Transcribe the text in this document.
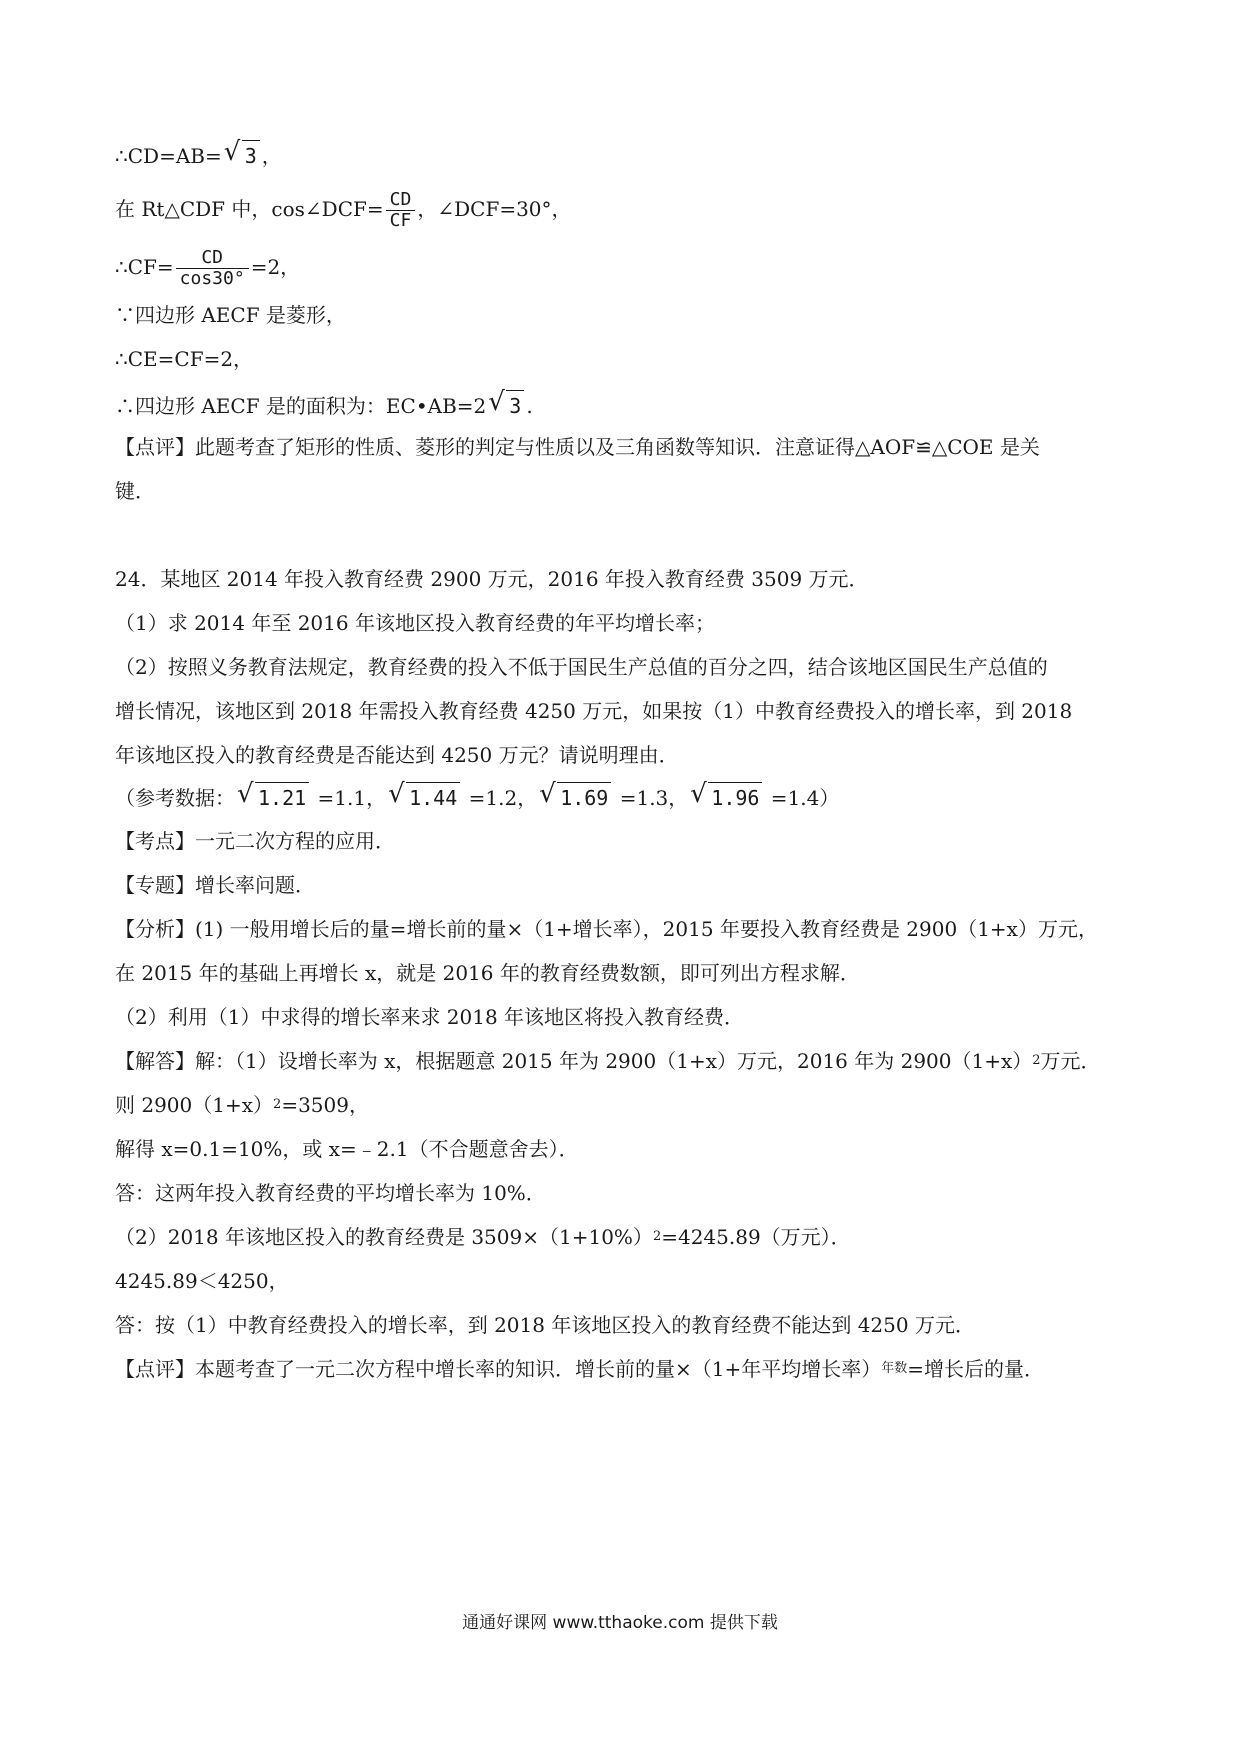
∴CD=AB= √ 3 ，
在 Rt△CDF 中，cos∠DCF= $\frac{CD}{CF}$ ，∠DCF=30°，
∴CF= $\frac{CD}{\cos 30^\circ} =2$，
∵四边形 AECF 是菱形，
∴CE=CF=2，
∴四边形 AECF 是的面积为：EC•AB=2 √ 3 .
【点评】此题考查了矩形的性质、菱形的判定与性质以及三角函数等知识．注意证得△AOF≌△COE 是关
键．
24．某地区 2014 年投入教育经费 2900 万元，2016 年投入教育经费 3509 万元．
（1）求 2014 年至 2016 年该地区投入教育经费的年平均增长率；
（2）按照义务教育法规定，教育经费的投入不低于国民生产总值的百分之四，结合该地区国民生产总值的
增长情况，该地区到 2018 年需投入教育经费 4250 万元，如果按（1）中教育经费投入的增长率，到 2018
年该地区投入的教育经费是否能达到 4250 万元？请说明理由．
（参考数据： √ 1.21 =1.1， √ 1.44 =1.2， √ 1.69 =1.3， √ 1.96 =1.4）
【考点】一元二次方程的应用．
【专题】增长率问题．
【分析】(1) 一般用增长后的量=增长前的量×（1+增长率），2015 年要投入教育经费是 2900（1+x）万元，
在 2015 年的基础上再增长 x，就是 2016 年的教育经费数额，即可列出方程求解．
（2）利用（1）中求得的增长率来求 2018 年该地区将投入教育经费．
【解答】解：（1）设增长率为 x，根据题意 2015 年为 2900（1+x）万元，2016 年为 $2900(1+x)^2$万元．
则 $2900(1+x)^2=3509$，
解得 x=0.1=10%，或 x=﹣2.1（不合题意舍去）．
答：这两年投入教育经费的平均增长率为 10%．
（2）2018 年该地区投入的教育经费是 $3509\times(1+10\%)^2=4245.89$（万元）．
4245.89＜4250，
答：按（1）中教育经费投入的增长率，到 2018 年该地区投入的教育经费不能达到 4250 万元．
【点评】本题考查了一元二次方程中增长率的知识．增长前的量×（1+年平均增长率）$^{年数}$=增长后的量．
通通好课网 www.tthaoke.com 提供下载
